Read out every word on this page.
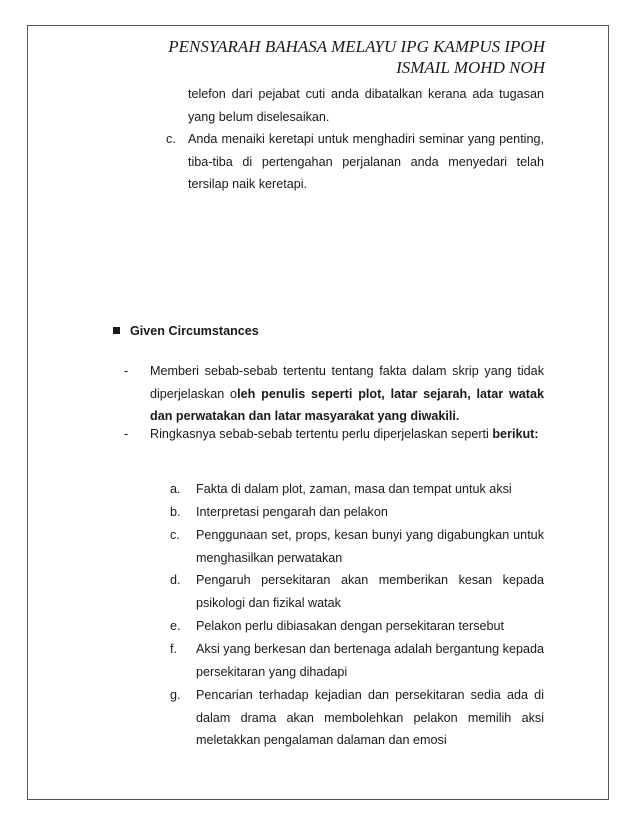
PENSYARAH BAHASA MELAYU IPG KAMPUS IPOH
ISMAIL MOHD NOH
telefon dari pejabat cuti anda dibatalkan kerana ada tugasan yang belum diselesaikan.
c. Anda menaiki keretapi untuk menghadiri seminar yang penting,
tiba-tiba di pertengahan perjalanan anda menyedari telah
tersilap naik keretapi.
Given Circumstances
- Memberi sebab-sebab tertentu tentang fakta dalam skrip yang tidak diperjelaskan oleh penulis seperti plot, latar sejarah, latar watak dan perwatakan dan latar masyarakat yang diwakili.
- Ringkasnya sebab-sebab tertentu perlu diperjelaskan seperti berikut:
a. Fakta di dalam plot, zaman, masa dan tempat untuk aksi
b. Interpretasi pengarah dan pelakon
c. Penggunaan set, props, kesan bunyi yang digabungkan untuk menghasilkan perwatakan
d. Pengaruh persekitaran akan memberikan kesan kepada psikologi dan fizikal watak
e. Pelakon perlu dibiasakan dengan persekitaran tersebut
f. Aksi yang berkesan dan bertenaga adalah bergantung kepada persekitaran yang dihadapi
g. Pencarian terhadap kejadian dan persekitaran sedia ada di dalam drama akan membolehkan pelakon memilih aksi meletakkan pengalaman dalaman dan emosi
